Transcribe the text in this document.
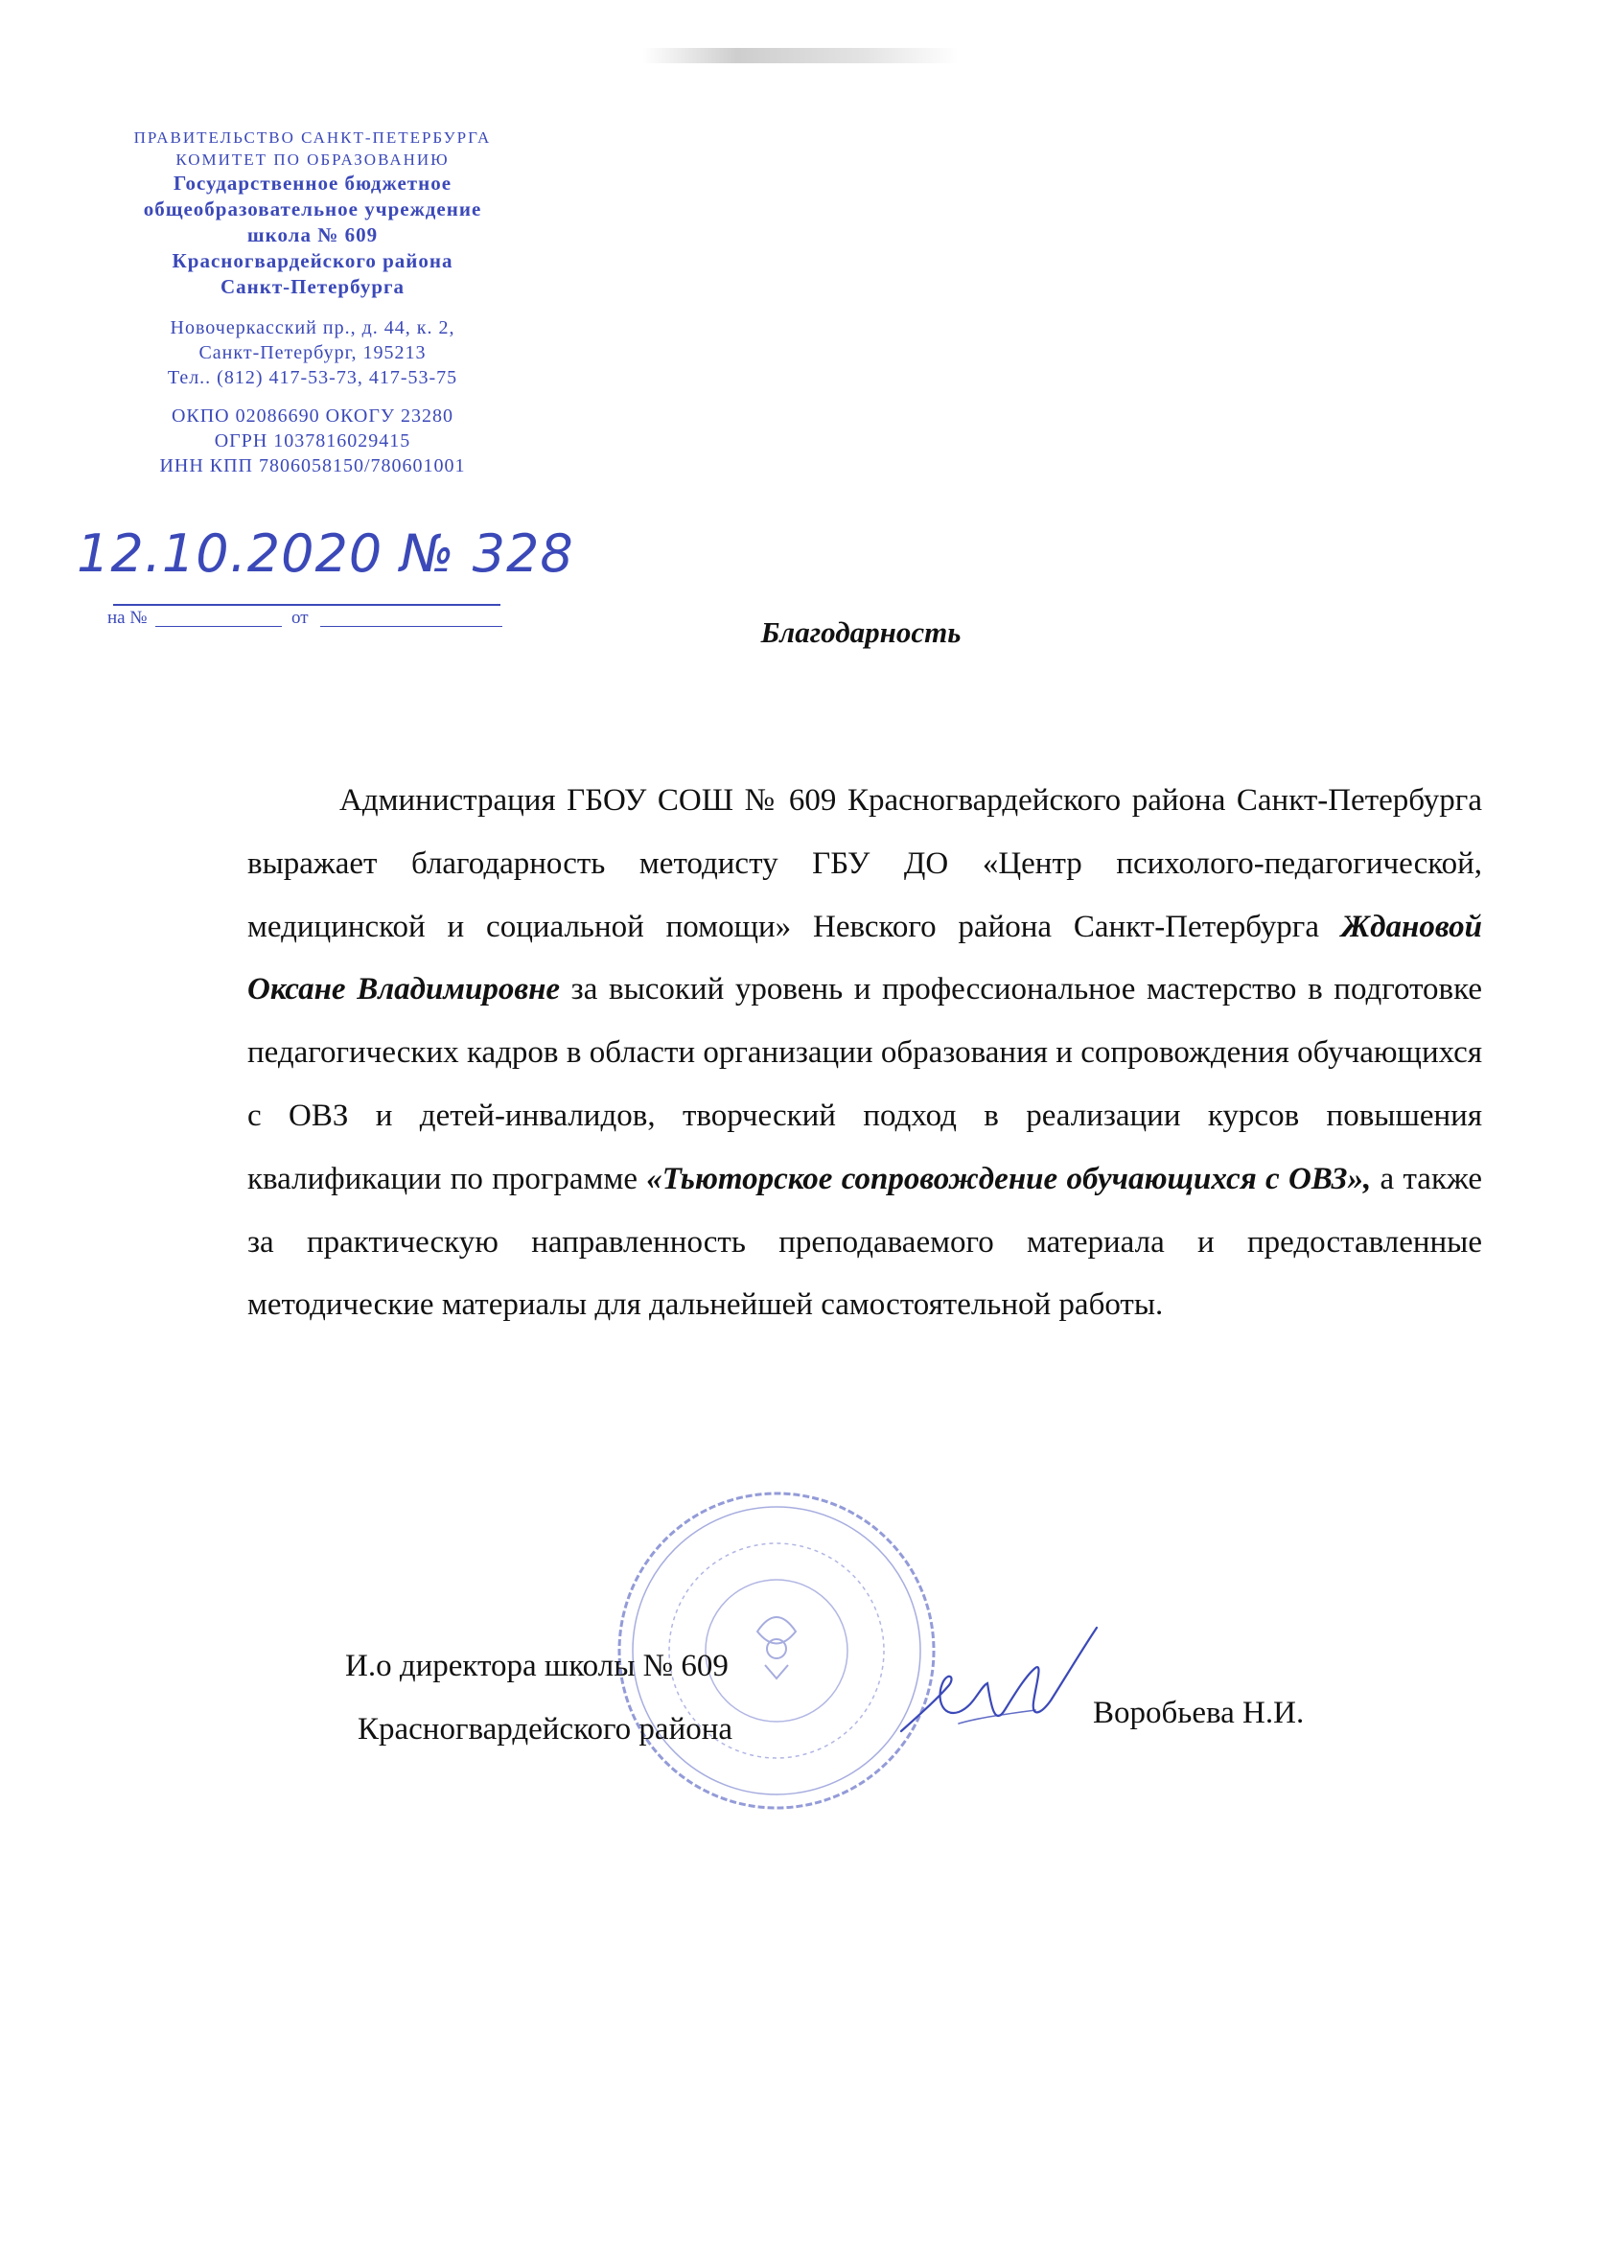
ПРАВИТЕЛЬСТВО САНКТ-ПЕТЕРБУРГА
КОМИТЕТ ПО ОБРАЗОВАНИЮ
Государственное бюджетное
общеобразовательное учреждение
школа № 609
Красногвардейского района
Санкт-Петербурга
Новочеркасский пр., д. 44, к. 2,
Санкт-Петербург, 195213
Тел.. (812) 417-53-73, 417-53-75
ОКПО 02086690 ОКОГУ 23280
ОГРН 1037816029415
ИНН КПП 7806058150/780601001
12.10.2020 № 328
на №	от	Благодарность

Администрация ГБОУ СОШ № 609 Красногвардейского района Санкт-Петербурга выражает благодарность методисту ГБУ ДО «Центр психолого-педагогической, медицинской и социальной помощи» Невского района Санкт-Петербурга Ждановой Оксане Владимировне за высокий уровень и профессиональное мастерство в подготовке педагогических кадров в области организации образования и сопровождения обучающихся с ОВЗ и детей-инвалидов, творческий подход в реализации курсов повышения квалификации по программе «Тьюторское сопровождение обучающихся с ОВЗ», а также за практическую направленность преподаваемого материала и предоставленные методические материалы для дальнейшей самостоятельной работы.

И.о директора школы № 609
Красногвардейского района	Воробьева Н.И.
